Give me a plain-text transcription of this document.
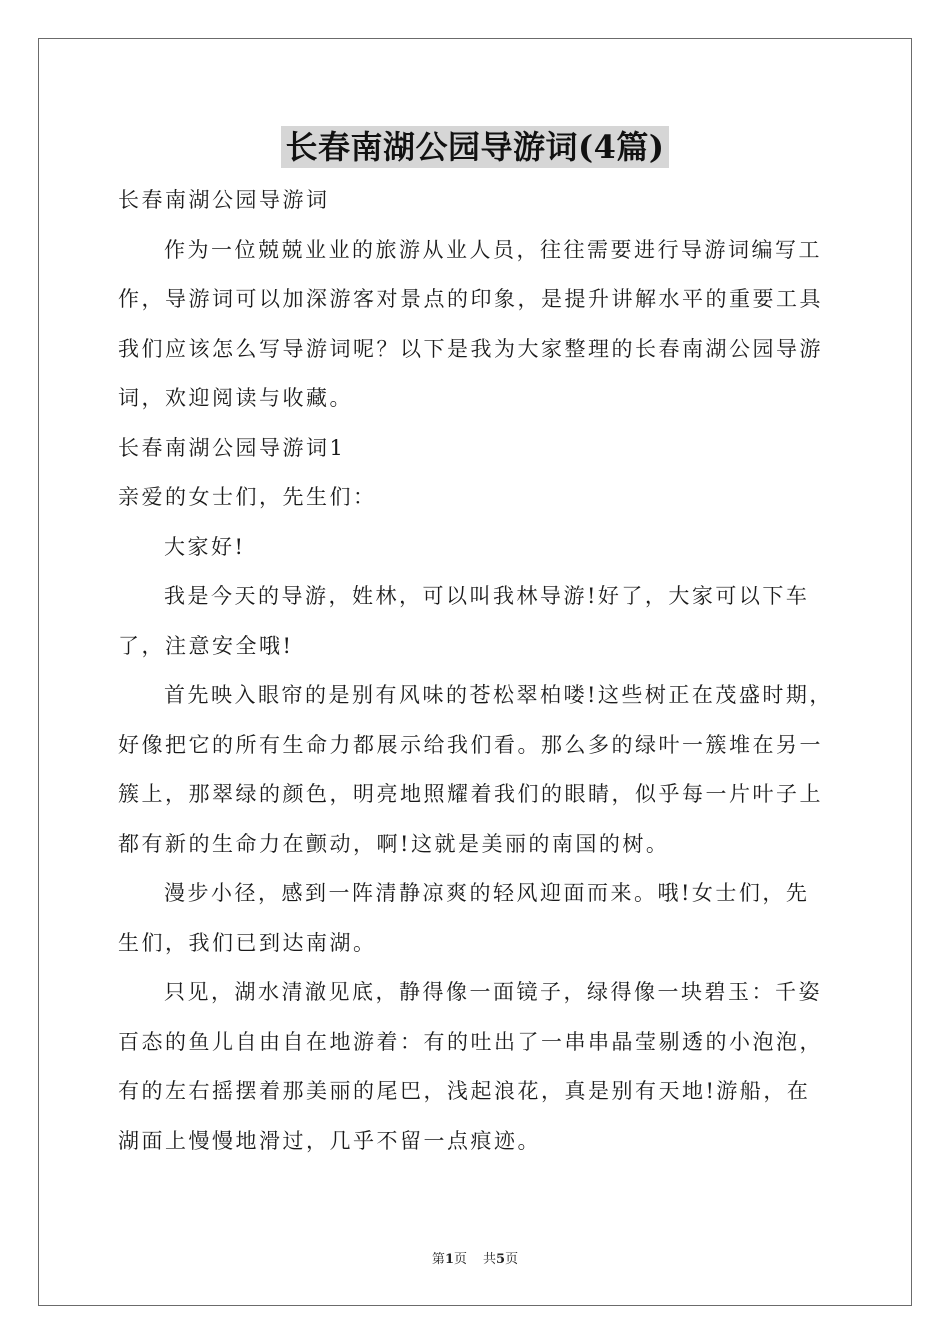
长春南湖公园导游词(4篇)
长春南湖公园导游词
作为一位兢兢业业的旅游从业人员，往往需要进行导游词编写工
作，导游词可以加深游客对景点的印象，是提升讲解水平的重要工具
我们应该怎么写导游词呢？以下是我为大家整理的长春南湖公园导游
词，欢迎阅读与收藏。
长春南湖公园导游词1
亲爱的女士们，先生们：
大家好!
我是今天的导游，姓林，可以叫我林导游!好了，大家可以下车
了，注意安全哦!
首先映入眼帘的是别有风味的苍松翠柏喽!这些树正在茂盛时期，
好像把它的所有生命力都展示给我们看。那么多的绿叶一簇堆在另一
簇上，那翠绿的颜色，明亮地照耀着我们的眼睛，似乎每一片叶子上
都有新的生命力在颤动，啊!这就是美丽的南国的树。
漫步小径，感到一阵清静凉爽的轻风迎面而来。哦!女士们，先
生们，我们已到达南湖。
只见，湖水清澈见底，静得像一面镜子，绿得像一块碧玉：千姿
百态的鱼儿自由自在地游着：有的吐出了一串串晶莹剔透的小泡泡，
有的左右摇摆着那美丽的尾巴，浅起浪花，真是别有天地!游船，在
湖面上慢慢地滑过，几乎不留一点痕迹。
第1页 共5页
